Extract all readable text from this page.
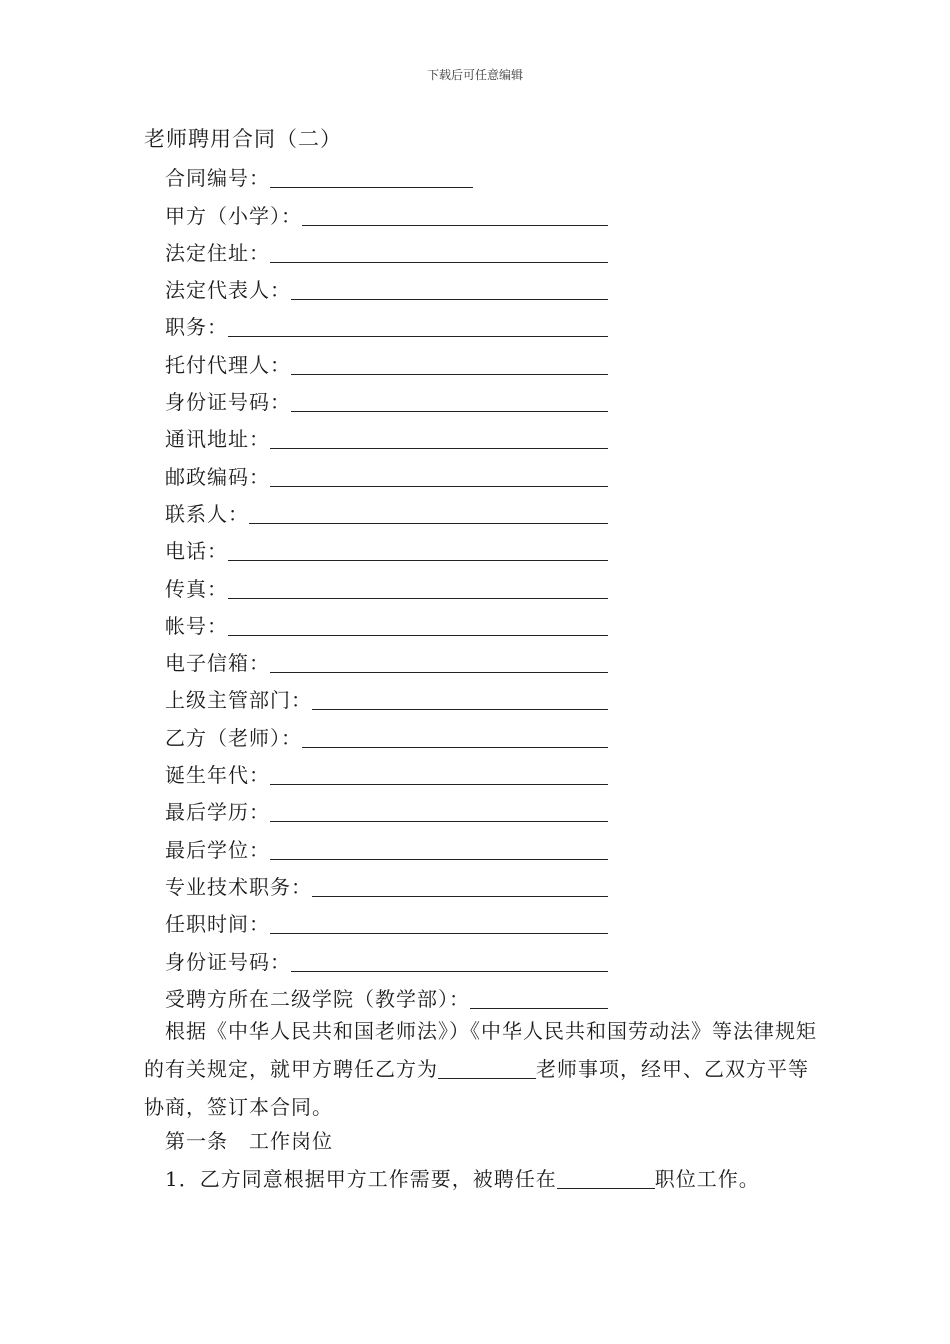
下载后可任意编辑
老师聘用合同（二）
合同编号：
甲方（小学）：
法定住址：
法定代表人：
职务：
托付代理人：
身份证号码：
通讯地址：
邮政编码：
联系人：
电话：
传真：
帐号：
电子信箱：
上级主管部门：
乙方（老师）：
诞生年代：
最后学历：
最后学位：
专业技术职务：
任职时间：
身份证号码：
受聘方所在二级学院（教学部）：
根据《中华人民共和国老师法》）《中华人民共和国劳动法》等法律规矩的有关规定，就甲方聘任乙方为	老师事项，经甲、乙双方平等协商，签订本合同。
第一条　工作岗位
1．乙方同意根据甲方工作需要，被聘任在	职位工作。
